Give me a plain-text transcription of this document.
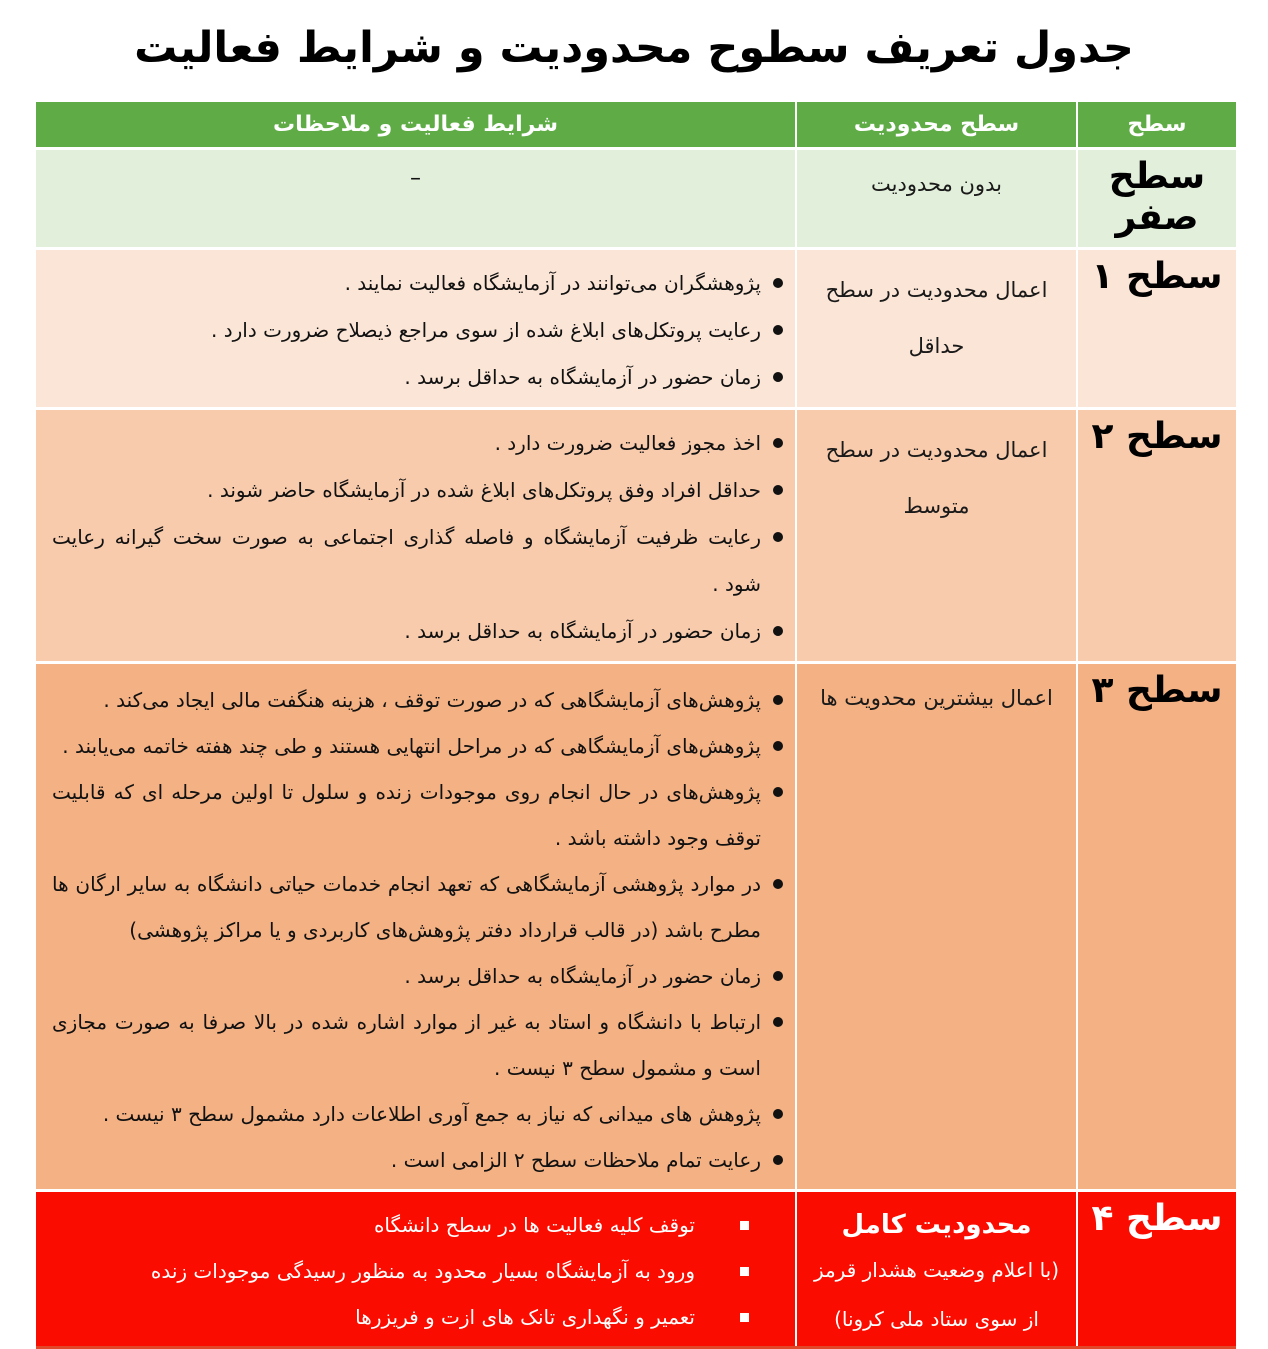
جدول تعریف سطوح محدودیت و شرایط فعالیت
سطح
سطح محدودیت
شرایط فعالیت و ملاحظات
سطح صفر
بدون محدودیت
–
سطح ۱
اعمال محدودیت در سطح
حداقل
پژوهشگران می‌توانند در آزمایشگاه فعالیت نمایند .
رعایت پروتکل‌های ابلاغ شده از سوی مراجع ذیصلاح ضرورت دارد .
زمان حضور در آزمایشگاه به حداقل برسد .
سطح ۲
اعمال محدودیت در سطح
متوسط
اخذ مجوز فعالیت ضرورت دارد .
حداقل افراد وفق پروتکل‌های ابلاغ شده در آزمایشگاه حاضر شوند .
رعایت ظرفیت آزمایشگاه و فاصله گذاری اجتماعی به صورت سخت گیرانه رعایت شود .
زمان حضور در آزمایشگاه به حداقل برسد .
سطح ۳
اعمال بیشترین محدویت ها
پژوهش‌های آزمایشگاهی که در صورت توقف ، هزینه هنگفت مالی ایجاد می‌کند .
پژوهش‌های آزمایشگاهی که در مراحل انتهایی هستند و طی چند هفته خاتمه می‌یابند .
پژوهش‌های در حال انجام روی موجودات زنده و سلول تا اولین مرحله ای که قابلیت توقف وجود داشته باشد .
در موارد پژوهشی آزمایشگاهی که تعهد انجام خدمات حیاتی دانشگاه به سایر ارگان ها مطرح باشد (در قالب قرارداد دفتر پژوهش‌های کاربردی و یا مراکز پژوهشی)
زمان حضور در آزمایشگاه به حداقل برسد .
ارتباط با دانشگاه و استاد به غیر از موارد اشاره شده در بالا صرفا به صورت مجازی است و مشمول سطح ۳ نیست .
پژوهش های میدانی که نیاز به جمع آوری اطلاعات دارد مشمول سطح ۳ نیست .
رعایت تمام ملاحظات سطح ۲ الزامی است .
سطح ۴
محدودیت کامل
(با اعلام وضعیت هشدار قرمز
از سوی ستاد ملی کرونا)
توقف کلیه فعالیت ها در سطح دانشگاه
ورود به آزمایشگاه بسیار محدود به منظور رسیدگی موجودات زنده
تعمیر و نگهداری تانک های ازت و فریزرها
